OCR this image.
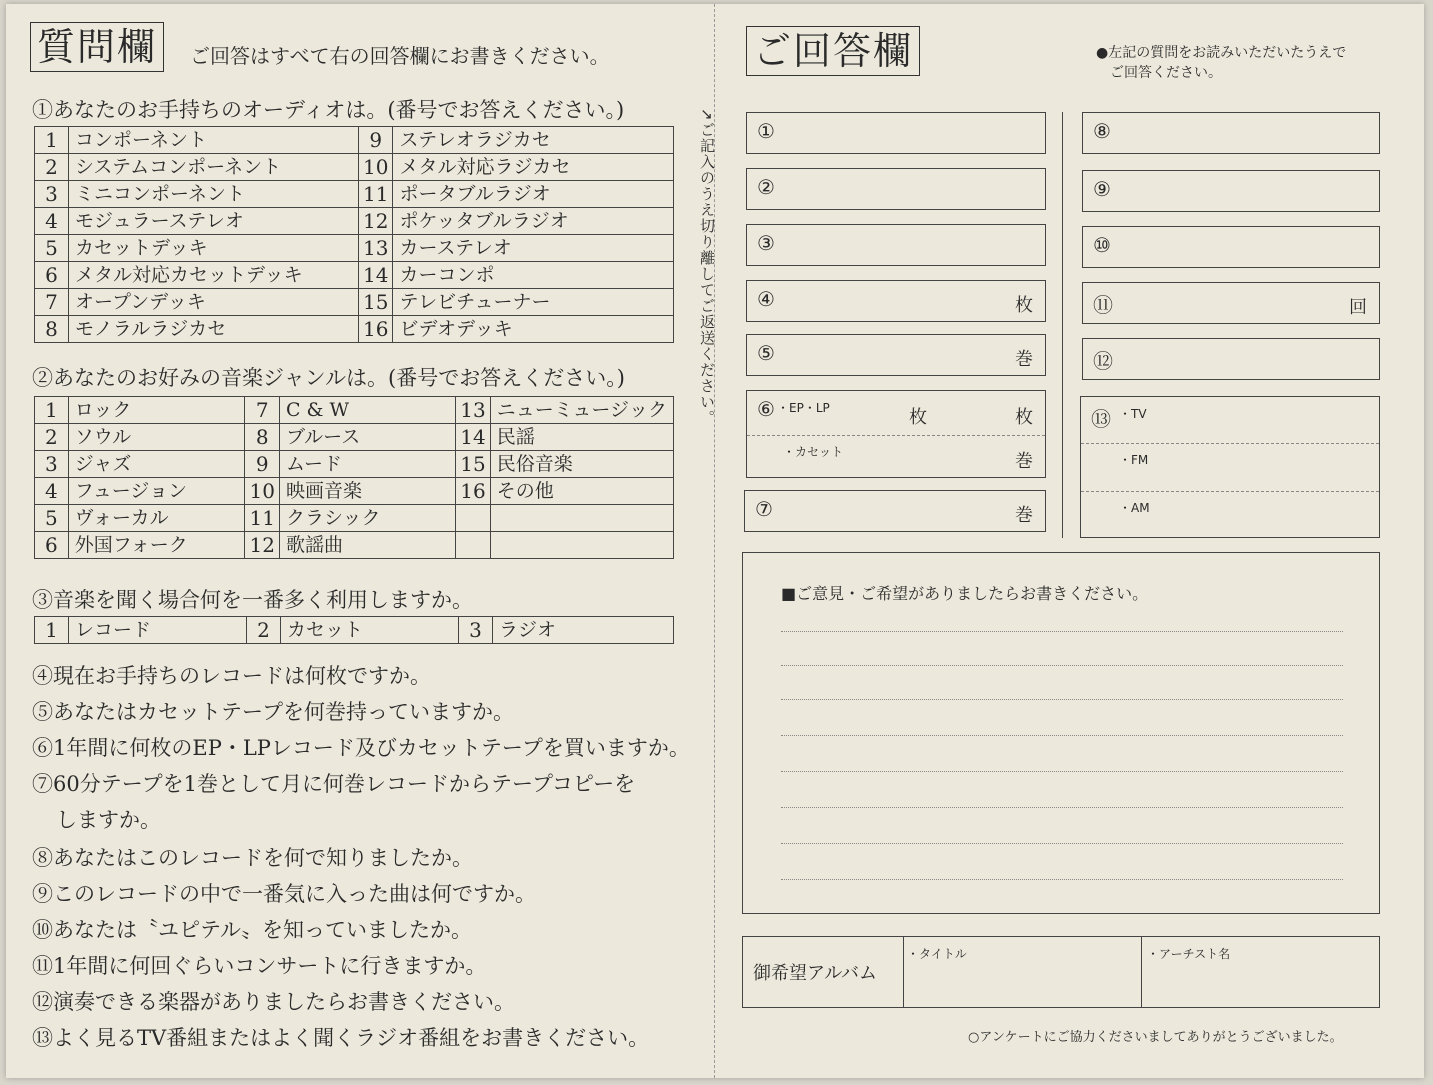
質問欄	ご回答はすべて右の回答欄にお書きください。
①あなたのお手持ちのオーディオは。(番号でお答えください。)
1	コンポーネント	9	ステレオラジカセ
2	システムコンポーネント	10	メタル対応ラジカセ
3	ミニコンポーネント	11	ポータブルラジオ
4	モジュラーステレオ	12	ポケッタブルラジオ
5	カセットデッキ	13	カーステレオ
6	メタル対応カセットデッキ	14	カーコンポ
7	オープンデッキ	15	テレビチューナー
8	モノラルラジカセ	16	ビデオデッキ
②あなたのお好みの音楽ジャンルは。(番号でお答えください。)
1	ロック	7	C & W	13	ニューミュージック
2	ソウル	8	ブルース	14	民謡
3	ジャズ	9	ムード	15	民俗音楽
4	フュージョン	10	映画音楽	16	その他
5	ヴォーカル	11	クラシック		
6	外国フォーク	12	歌謡曲		
③音楽を聞く場合何を一番多く利用しますか。
1	レコード	2	カセット	3	ラジオ
④現在お手持ちのレコードは何枚ですか。
⑤あなたはカセットテープを何巻持っていますか。
⑥1年間に何枚のEP・LPレコード及びカセットテープを買いますか。
⑦60分テープを1巻として月に何巻レコードからテープコピーを
しますか。
⑧あなたはこのレコードを何で知りましたか。
⑨このレコードの中で一番気に入った曲は何ですか。
⑩あなたは〝ユピテル〟を知っていましたか。
⑪1年間に何回ぐらいコンサートに行きますか。
⑫演奏できる楽器がありましたらお書きください。
⑬よく見るTV番組またはよく聞くラジオ番組をお書きください。
↗ご記入のうえ切り離してご返送ください。
ご回答欄	●左記の質問をお読みいただいたうえで
ご回答ください。
①
②
③
④	枚
⑤	巻
⑥ ・EP・LP	枚	枚
・カセット	巻
⑦	巻
⑧
⑨
⑩
⑪	回
⑫
⑬ ・TV
・FM
・AM
■ご意見・ご希望がありましたらお書きください。
御希望アルバム
・タイトル	・アーチスト名
○アンケートにご協力くださいましてありがとうございました。
